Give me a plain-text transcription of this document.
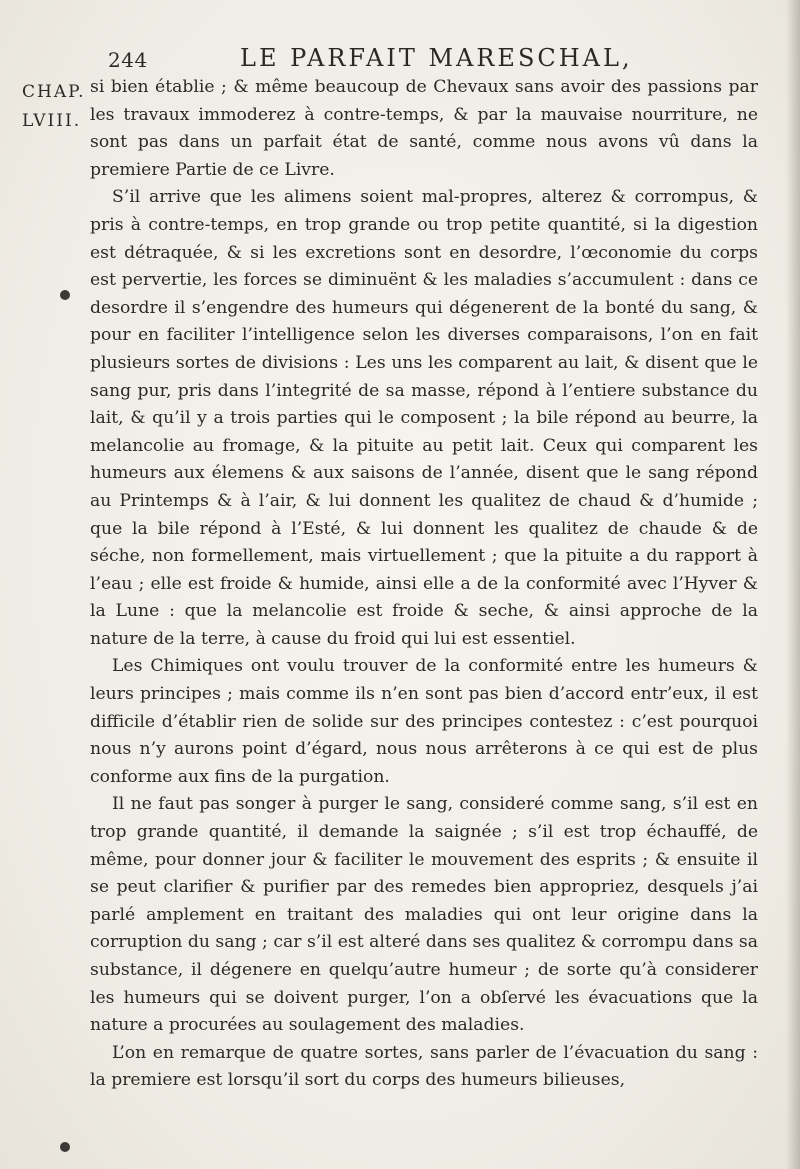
244	LE PARFAIT MARESCHAL,
CHAP.
LVIII.

si bien établie ; & même beaucoup de Chevaux sans avoir des passions par les travaux immoderez à contre-temps, & par la mauvaise nourriture, ne sont pas dans un parfait état de santé, comme nous avons vû dans la premiere Partie de ce Livre.

S’il arrive que les alimens soient mal-propres, alterez & corrompus, & pris à contre-temps, en trop grande ou trop petite quantité, si la digestion est détraquée, & si les excretions sont en desordre, l’œconomie du corps est pervertie, les forces se diminuënt & les maladies s’accumulent : dans ce desordre il s’engendre des humeurs qui dégenerent de la bonté du sang, & pour en faciliter l’intelligence selon les diverses comparaisons, l’on en fait plusieurs sortes de divisions : Les uns les comparent au lait, & disent que le sang pur, pris dans l’integrité de sa masse, répond à l’entiere substance du lait, & qu’il y a trois parties qui le composent ; la bile répond au beurre, la melancolie au fromage, & la pituite au petit lait. Ceux qui comparent les humeurs aux élemens & aux saisons de l’année, disent que le sang répond au Printemps & à l’air, & lui donnent les qualitez de chaud & d’humide ; que la bile répond à l’Esté, & lui donnent les qualitez de chaude & de séche, non formellement, mais virtuellement ; que la pituite a du rapport à l’eau ; elle est froide & humide, ainsi elle a de la conformité avec l’Hyver & la Lune : que la melancolie est froide & seche, & ainsi approche de la nature de la terre, à cause du froid qui lui est essentiel.

Les Chimiques ont voulu trouver de la conformité entre les humeurs & leurs principes ; mais comme ils n’en sont pas bien d’accord entr’eux, il est difficile d’établir rien de solide sur des principes contestez : c’est pourquoi nous n’y aurons point d’égard, nous nous arrêterons à ce qui est de plus conforme aux fins de la purgation.

Il ne faut pas songer à purger le sang, consideré comme sang, s’il est en trop grande quantité, il demande la saignée ; s’il est trop échauffé, de même, pour donner jour & faciliter le mouvement des esprits ; & ensuite il se peut clarifier & purifier par des remedes bien appropriez, desquels j’ai parlé amplement en traitant des maladies qui ont leur origine dans la corruption du sang ; car s’il est alteré dans ses qualitez & corrompu dans sa substance, il dégenere en quelqu’autre humeur ; de sorte qu’à considerer les humeurs qui se doivent purger, l’on a obſervé les évacuations que la nature a procurées au soulagement des maladies.

L’on en remarque de quatre sortes, sans parler de l’évacuation du sang : la premiere est lorsqu’il sort du corps des humeurs bilieuses,
